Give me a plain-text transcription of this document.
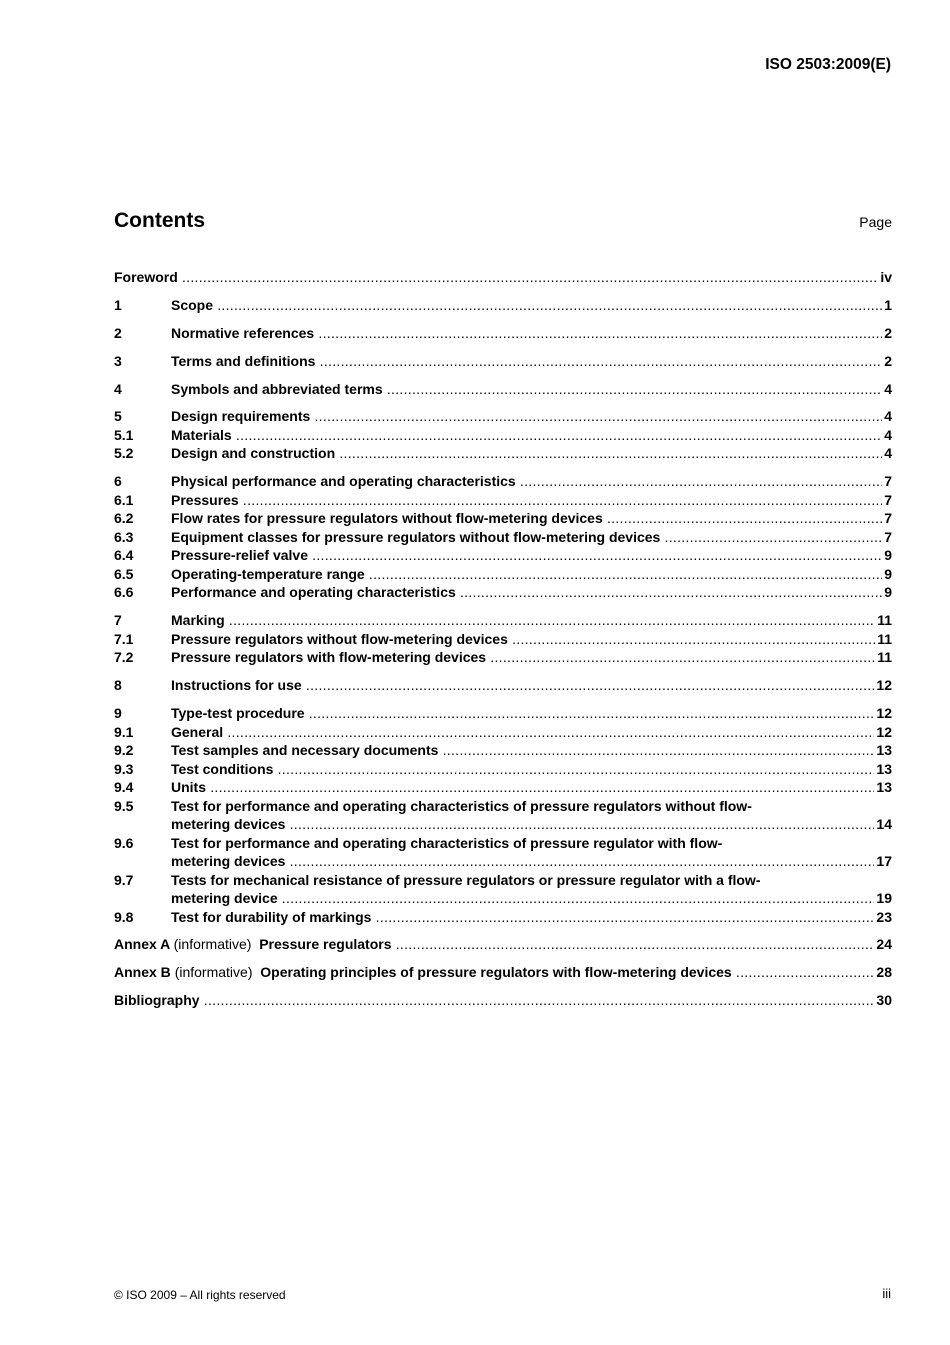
ISO 2503:2009(E)
Contents	Page
Foreword .....	iv
1	Scope .....	1
2	Normative references .....	2
3	Terms and definitions .....	2
4	Symbols and abbreviated terms .....	4
5	Design requirements .....	4
5.1	Materials .....	4
5.2	Design and construction .....	4
6	Physical performance and operating characteristics .....	7
6.1	Pressures .....	7
6.2	Flow rates for pressure regulators without flow-metering devices .....	7
6.3	Equipment classes for pressure regulators without flow-metering devices .....	7
6.4	Pressure-relief valve .....	9
6.5	Operating-temperature range .....	9
6.6	Performance and operating characteristics .....	9
7	Marking .....	11
7.1	Pressure regulators without flow-metering devices .....	11
7.2	Pressure regulators with flow-metering devices .....	11
8	Instructions for use .....	12
9	Type-test procedure .....	12
9.1	General .....	12
9.2	Test samples and necessary documents .....	13
9.3	Test conditions .....	13
9.4	Units .....	13
9.5	Test for performance and operating characteristics of pressure regulators without flow-
metering devices .....	14
9.6	Test for performance and operating characteristics of pressure regulator with flow-
metering devices .....	17
9.7	Tests for mechanical resistance of pressure regulators or pressure regulator with a flow-
metering device .....	19
9.8	Test for durability of markings .....	23
Annex A (informative) Pressure regulators .....	24
Annex B (informative) Operating principles of pressure regulators with flow-metering devices .....	28
Bibliography .....	30
© ISO 2009 – All rights reserved	iii
